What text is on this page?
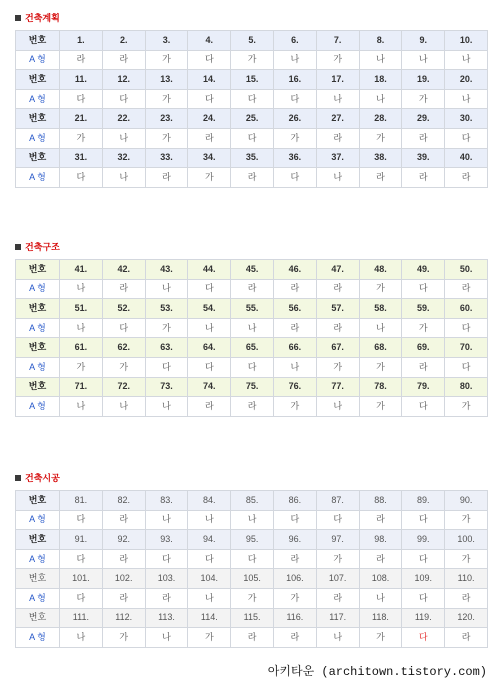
건축계획
번호	1.	2.	3.	4.	5.	6.	7.	8.	9.	10.
A 형	라	라	가	다	가	나	가	나	나	나
번호	11.	12.	13.	14.	15.	16.	17.	18.	19.	20.
A 형	다	다	가	다	다	다	나	나	가	나
번호	21.	22.	23.	24.	25.	26.	27.	28.	29.	30.
A 형	가	나	가	라	다	가	라	가	라	다
번호	31.	32.	33.	34.	35.	36.	37.	38.	39.	40.
A 형	다	나	라	가	라	다	나	라	라	라
건축구조
번호	41.	42.	43.	44.	45.	46.	47.	48.	49.	50.
A 형	나	라	나	다	라	라	라	가	다	라
번호	51.	52.	53.	54.	55.	56.	57.	58.	59.	60.
A 형	나	다	가	나	나	라	라	나	가	다
번호	61.	62.	63.	64.	65.	66.	67.	68.	69.	70.
A 형	가	가	다	다	다	나	가	가	라	다
번호	71.	72.	73.	74.	75.	76.	77.	78.	79.	80.
A 형	나	나	나	라	라	가	나	가	다	가
건축시공
번호	81.	82.	83.	84.	85.	86.	87.	88.	89.	90.
A 형	다	라	나	나	나	다	다	라	다	가
번호	91.	92.	93.	94.	95.	96.	97.	98.	99.	100.
A 형	다	라	다	다	다	라	가	라	다	가
번호	101.	102.	103.	104.	105.	106.	107.	108.	109.	110.
A 형	다	라	라	나	가	가	라	나	다	라
번호	111.	112.	113.	114.	115.	116.	117.	118.	119.	120.
A 형	나	가	나	가	라	라	나	가	다	라
아키타운 (architown.tistory.com)
